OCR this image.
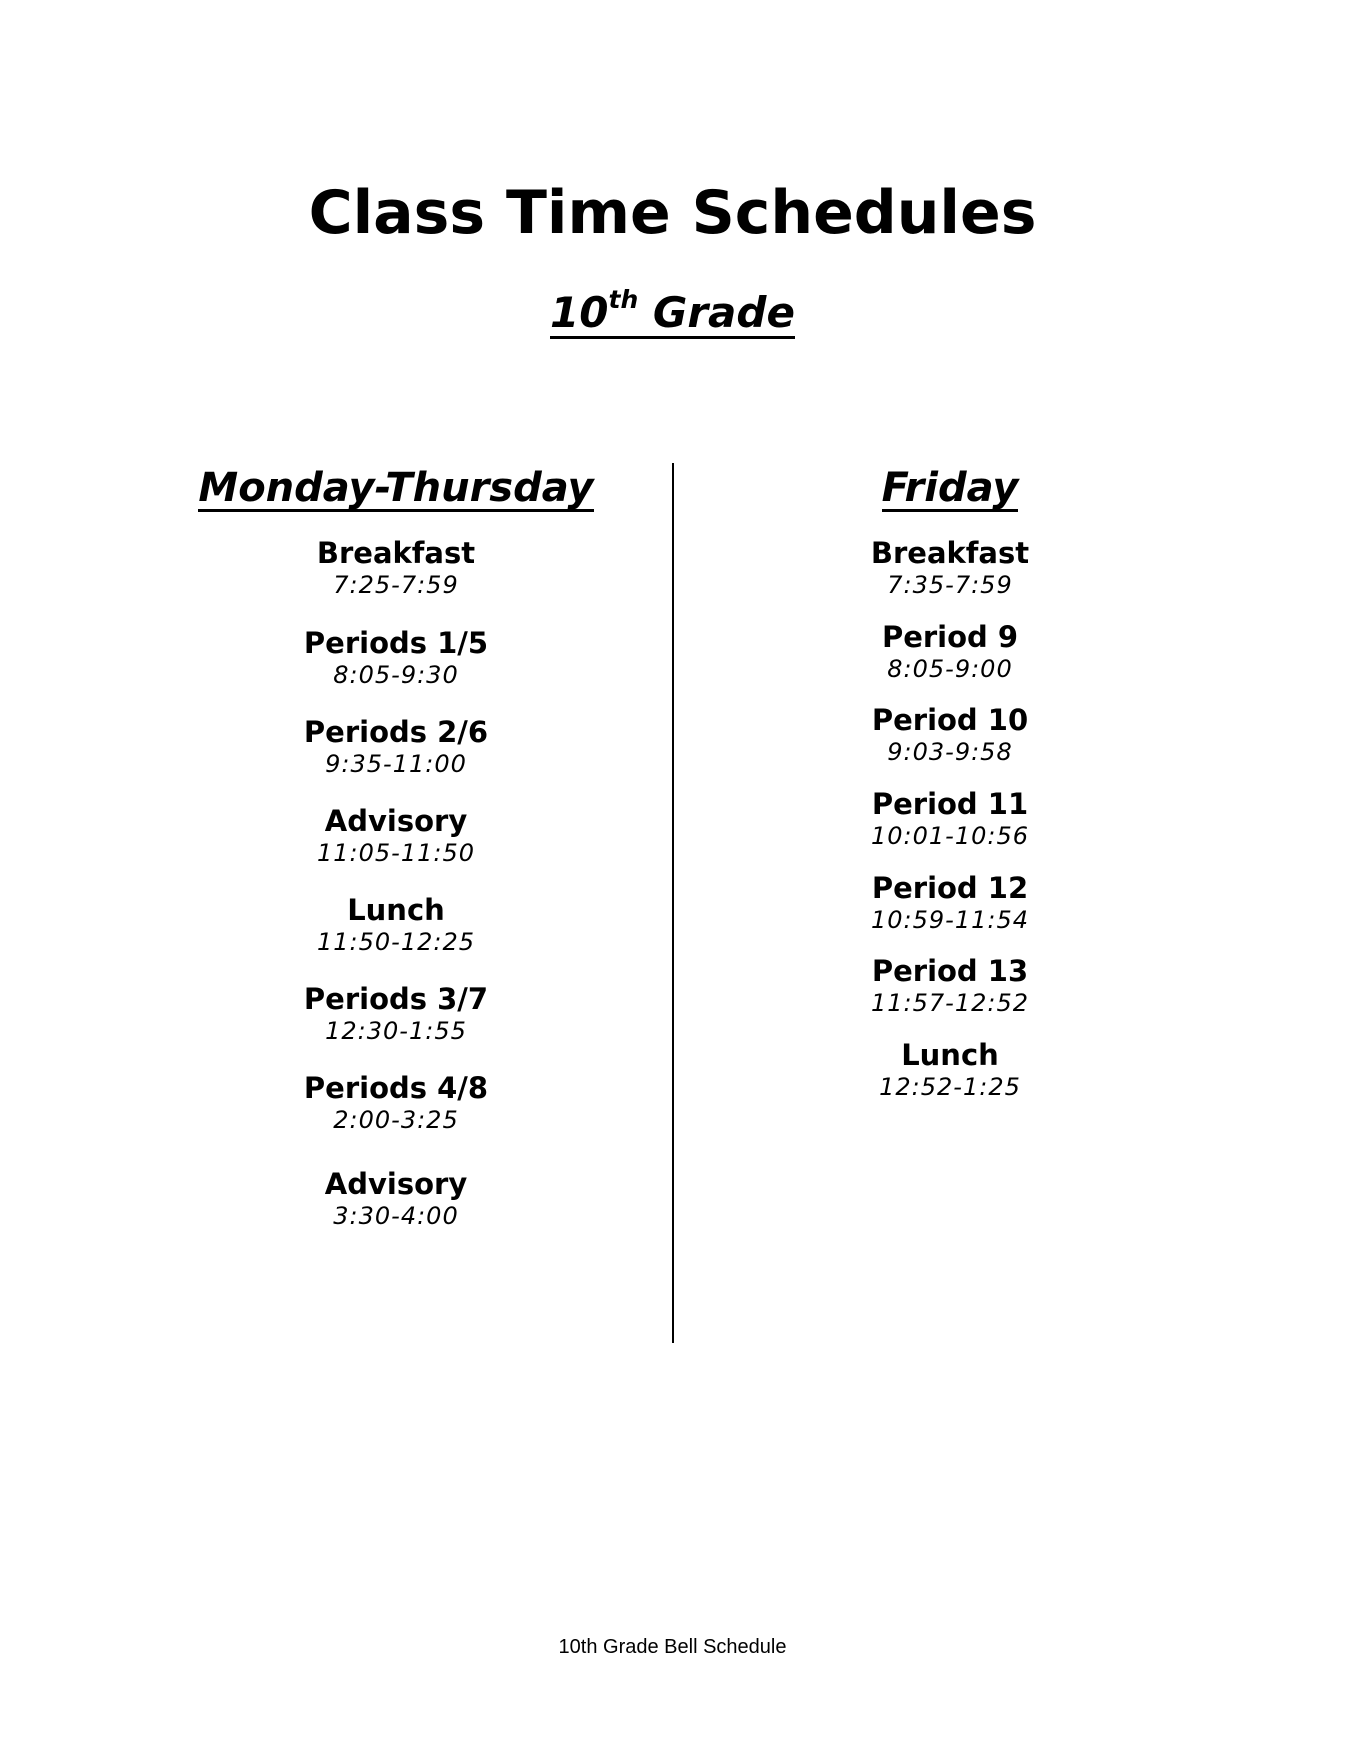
Class Time Schedules
10th Grade
Monday-Thursday
Breakfast
7:25-7:59
Periods 1/5
8:05-9:30
Periods 2/6
9:35-11:00
Advisory
11:05-11:50
Lunch
11:50-12:25
Periods 3/7
12:30-1:55
Periods 4/8
2:00-3:25
Advisory
3:30-4:00
Friday
Breakfast
7:35-7:59
Period 9
8:05-9:00
Period 10
9:03-9:58
Period 11
10:01-10:56
Period 12
10:59-11:54
Period 13
11:57-12:52
Lunch
12:52-1:25
10th Grade Bell Schedule
